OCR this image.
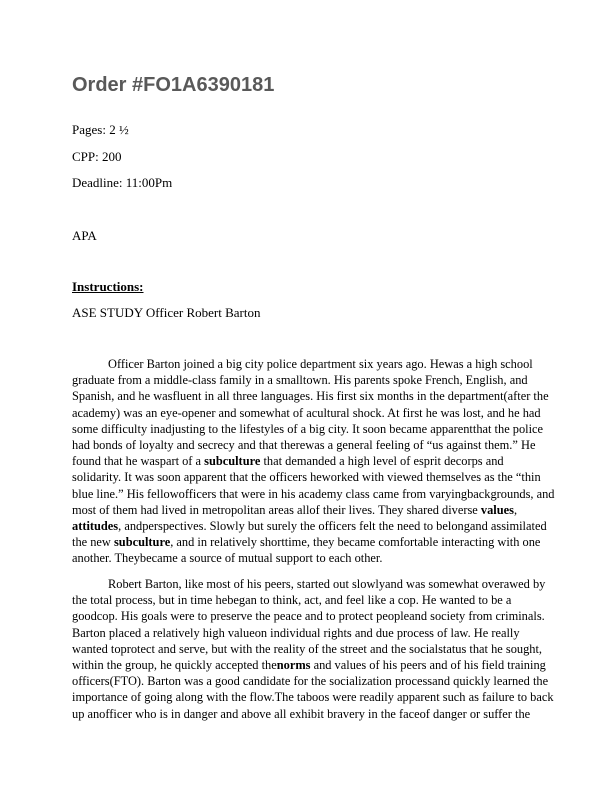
Order #FO1A6390181

Pages: 2 ½

CPP: 200

Deadline: 11:00Pm

APA

Instructions:

ASE STUDY Officer Robert Barton

Officer Barton joined a big city police department six years ago. Hewas a high school
graduate from a middle-class family in a smalltown. His parents spoke French, English, and
Spanish, and he wasfluent in all three languages. His first six months in the department(after the
academy) was an eye-opener and somewhat of acultural shock. At first he was lost, and he had
some difficulty inadjusting to the lifestyles of a big city. It soon became apparentthat the police
had bonds of loyalty and secrecy and that therewas a general feeling of “us against them.” He
found that he waspart of a subculture that demanded a high level of esprit decorps and
solidarity. It was soon apparent that the officers heworked with viewed themselves as the “thin
blue line.” His fellowofficers that were in his academy class came from varyingbackgrounds, and
most of them had lived in metropolitan areas allof their lives. They shared diverse values,
attitudes, andperspectives. Slowly but surely the officers felt the need to belongand assimilated
the new subculture, and in relatively shorttime, they became comfortable interacting with one
another. Theybecame a source of mutual support to each other.
Robert Barton, like most of his peers, started out slowlyand was somewhat overawed by
the total process, but in time hebegan to think, act, and feel like a cop. He wanted to be a
goodcop. His goals were to preserve the peace and to protect peopleand society from criminals.
Barton placed a relatively high valueon individual rights and due process of law. He really
wanted toprotect and serve, but with the reality of the street and the socialstatus that he sought,
within the group, he quickly accepted thenorms and values of his peers and of his field training
officers(FTO). Barton was a good candidate for the socialization processand quickly learned the
importance of going along with the flow.The taboos were readily apparent such as failure to back
up anofficer who is in danger and above all exhibit bravery in the faceof danger or suffer the
